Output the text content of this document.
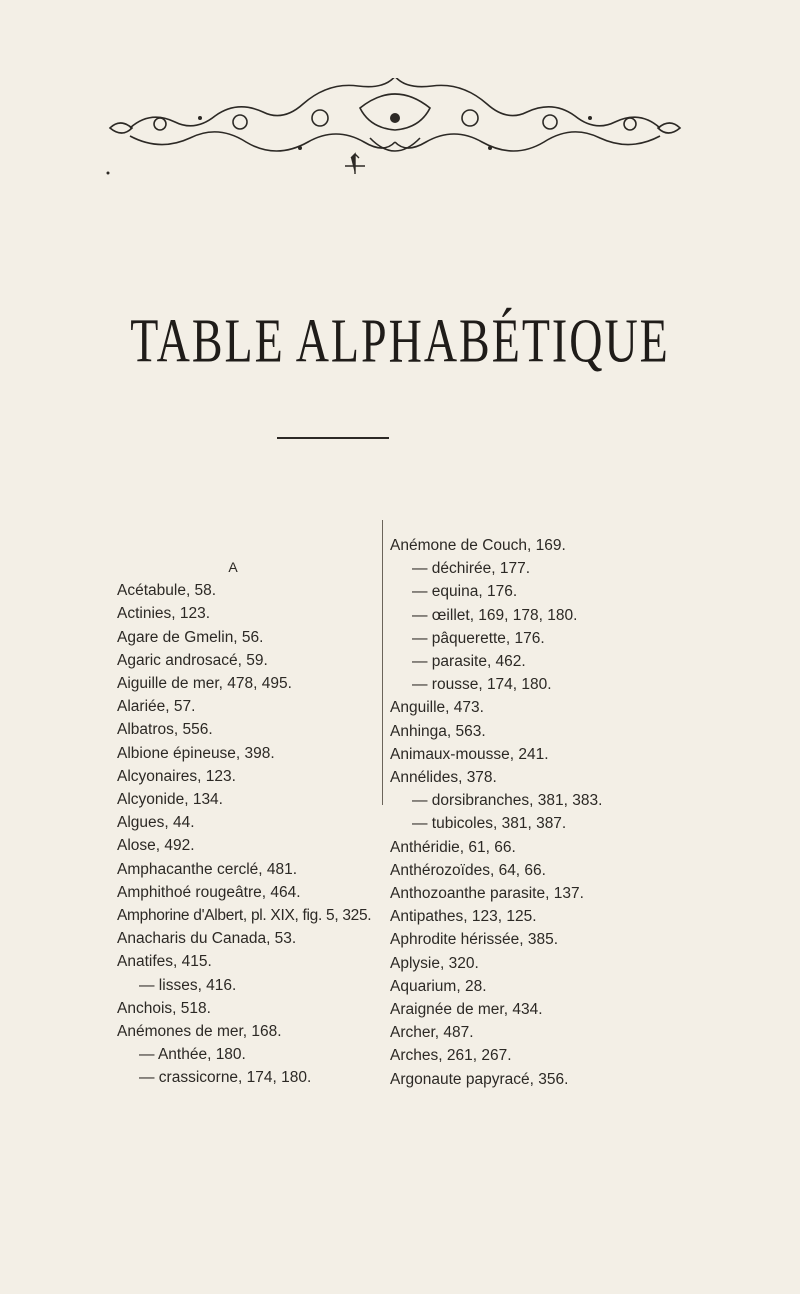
TABLE ALPHABÉTIQUE
A
Acétabule, 58.
Actinies, 123.
Agare de Gmelin, 56.
Agaric androsacé, 59.
Aiguille de mer, 478, 495.
Alariée, 57.
Albatros, 556.
Albione épineuse, 398.
Alcyonaires, 123.
Alcyonide, 134.
Algues, 44.
Alose, 492.
Amphacanthe cerclé, 481.
Amphithoé rougeâtre, 464.
Amphorine d'Albert, pl. XIX, fig. 5, 325.
Anacharis du Canada, 53.
Anatifes, 415.
— lisses, 416.
Anchois, 518.
Anémones de mer, 168.
— Anthée, 180.
— crassicorne, 174, 180.
Anémone de Couch, 169.
— déchirée, 177.
— equina, 176.
— œillet, 169, 178, 180.
— pâquerette, 176.
— parasite, 462.
— rousse, 174, 180.
Anguille, 473.
Anhinga, 563.
Animaux-mousse, 241.
Annélides, 378.
— dorsibranches, 381, 383.
— tubicoles, 381, 387.
Anthéridie, 61, 66.
Anthérozoïdes, 64, 66.
Anthozoanthe parasite, 137.
Antipathes, 123, 125.
Aphrodite hérissée, 385.
Aplysie, 320.
Aquarium, 28.
Araignée de mer, 434.
Archer, 487.
Arches, 261, 267.
Argonaute papyracé, 356.
